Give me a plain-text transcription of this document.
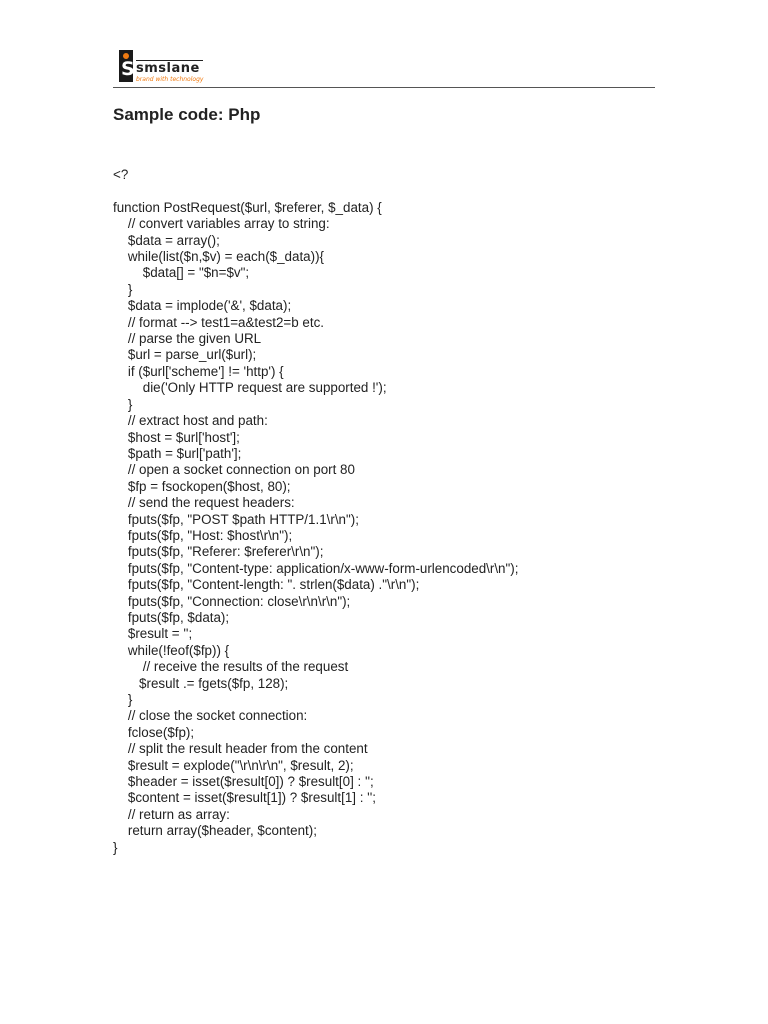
S smslane
brand with technology
Sample code: Php
<?

function PostRequest($url, $referer, $_data) {
// convert variables array to string:
$data = array();
while(list($n,$v) = each($_data)){
$data[] = "$n=$v";
}
$data = implode('&', $data);
// format --> test1=a&test2=b etc.
// parse the given URL
$url = parse_url($url);
if ($url['scheme'] != 'http') {
die('Only HTTP request are supported !');
}
// extract host and path:
$host = $url['host'];
$path = $url['path'];
// open a socket connection on port 80
$fp = fsockopen($host, 80);
// send the request headers:
fputs($fp, "POST $path HTTP/1.1\r\n");
fputs($fp, "Host: $host\r\n");
fputs($fp, "Referer: $referer\r\n");
fputs($fp, "Content-type: application/x-www-form-urlencoded\r\n");
fputs($fp, "Content-length: ". strlen($data) ."\r\n");
fputs($fp, "Connection: close\r\n\r\n");
fputs($fp, $data);
$result = '';
while(!feof($fp)) {
// receive the results of the request
$result .= fgets($fp, 128);
}
// close the socket connection:
fclose($fp);
// split the result header from the content
$result = explode("\r\n\r\n", $result, 2);
$header = isset($result[0]) ? $result[0] : '';
$content = isset($result[1]) ? $result[1] : '';
// return as array:
return array($header, $content);
}
